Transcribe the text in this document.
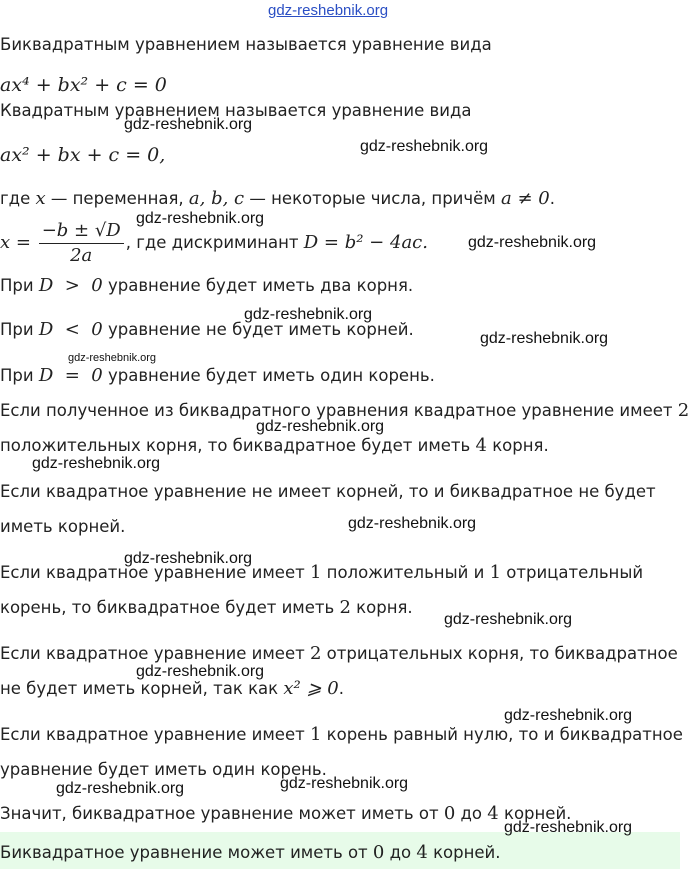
gdz-reshebnik.org
gdz-reshebnik.org
gdz-reshebnik.org
gdz-reshebnik.org
gdz-reshebnik.org
gdz-reshebnik.org
gdz-reshebnik.org
gdz-reshebnik.org
gdz-reshebnik.org
gdz-reshebnik.org
gdz-reshebnik.org
gdz-reshebnik.org
gdz-reshebnik.org
gdz-reshebnik.org
gdz-reshebnik.org
gdz-reshebnik.org	gdz-reshebnik.org
gdz-reshebnik.org
Биквадратным уравнением называется уравнение вида
ax⁴ + bx² + c = 0
Квадратным уравнением называется уравнение вида
ax² + bx + c = 0,
где x — переменная, a, b, c — некоторые числа, причём a ≠ 0.
$x = \frac{-b \pm √D}{2a}$ , где дискриминант D = b² − 4ac.
При D  >  0 уравнение будет иметь два корня.
При D  <  0 уравнение не будет иметь корней.
При D  =  0 уравнение будет иметь один корень.
Если полученное из биквадратного уравнения квадратное уравнение имеет 2
положительных корня, то биквадратное будет иметь 4 корня.
Если квадратное уравнение не имеет корней, то и биквадратное не будет
иметь корней.
Если квадратное уравнение имеет 1 положительный и 1 отрицательный
корень, то биквадратное будет иметь 2 корня.
Если квадратное уравнение имеет 2 отрицательных корня, то биквадратное
не будет иметь корней, так как x² ⩾ 0.
Если квадратное уравнение имеет 1 корень равный нулю, то и биквадратное
уравнение будет иметь один корень.
Значит, биквадратное уравнение может иметь от 0 до 4 корней.
Биквадратное уравнение может иметь от 0 до 4 корней.
